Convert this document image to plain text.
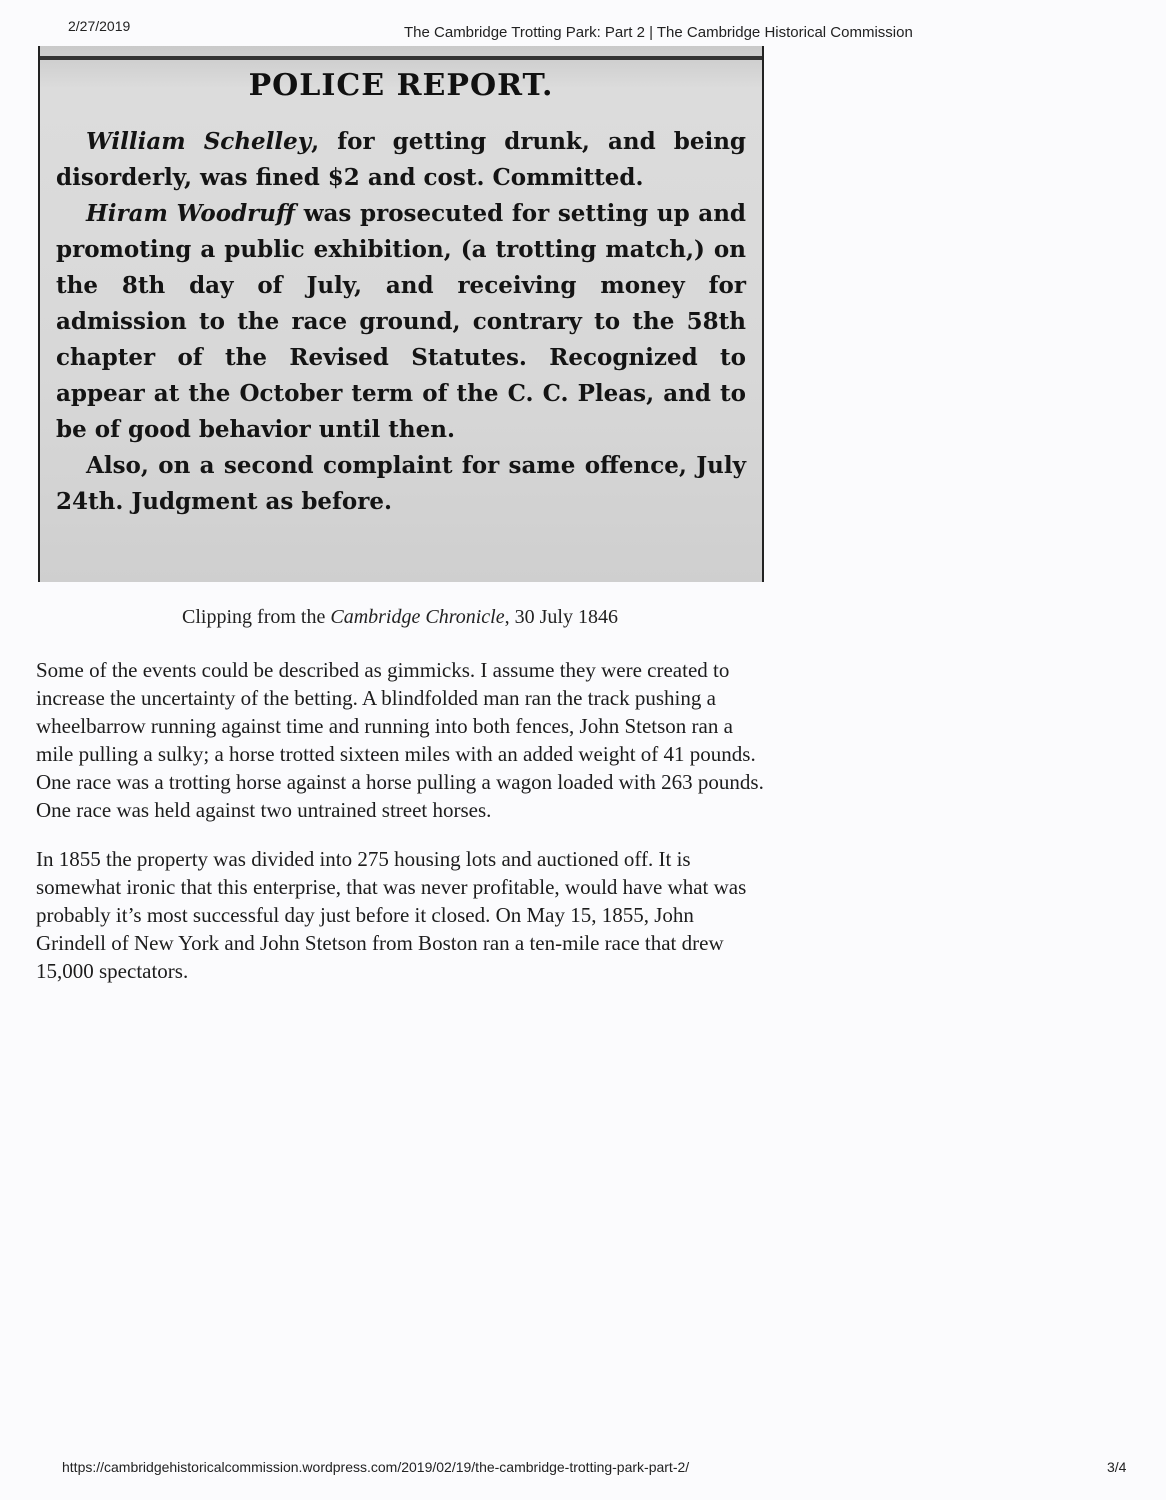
2/27/2019	The Cambridge Trotting Park: Part 2 | The Cambridge Historical Commission
POLICE REPORT.

William Schelley, for getting drunk, and being disorderly, was fined $2 and cost. Committed.

Hiram Woodruff was prosecuted for setting up and promoting a public exhibition, (a trotting match,) on the 8th day of July, and receiving money for admission to the race ground, contrary to the 58th chapter of the Revised Statutes. Recognized to appear at the October term of the C. C. Pleas, and to be of good behavior until then.

Also, on a second complaint for same offence, July 24th. Judgment as before.

Clipping from the Cambridge Chronicle, 30 July 1846

Some of the events could be described as gimmicks. I assume they were created to increase the uncertainty of the betting. A blindfolded man ran the track pushing a wheelbarrow running against time and running into both fences, John Stetson ran a mile pulling a sulky; a horse trotted sixteen miles with an added weight of 41 pounds. One race was a trotting horse against a horse pulling a wagon loaded with 263 pounds. One race was held against two untrained street horses.

In 1855 the property was divided into 275 housing lots and auctioned off. It is somewhat ironic that this enterprise, that was never profitable, would have what was probably it’s most successful day just before it closed. On May 15, 1855, John Grindell of New York and John Stetson from Boston ran a ten-mile race that drew 15,000 spectators.

https://cambridgehistoricalcommission.wordpress.com/2019/02/19/the-cambridge-trotting-park-part-2/	3/4
